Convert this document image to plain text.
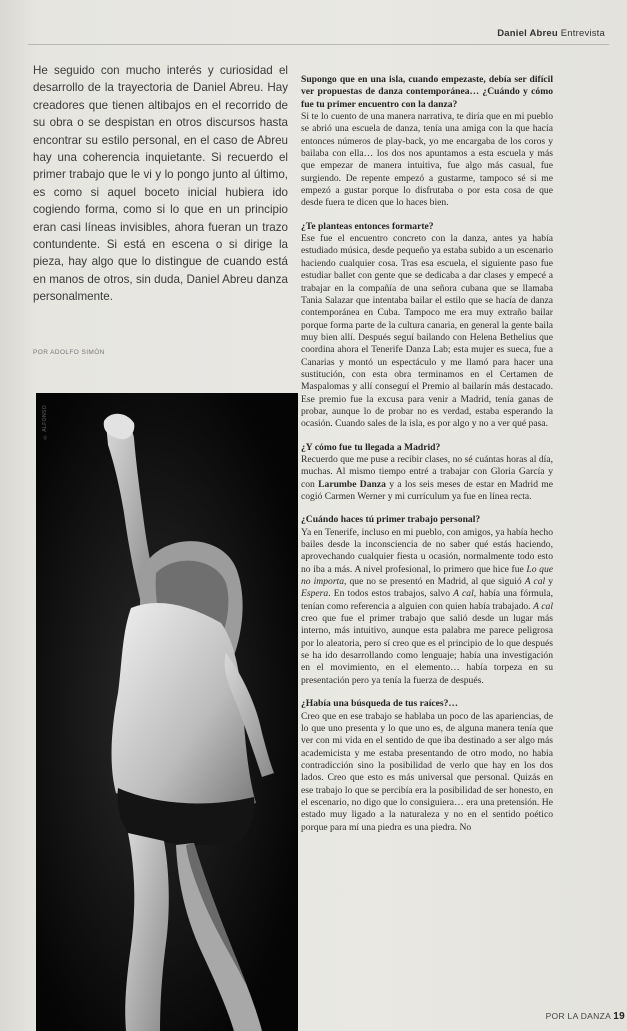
Daniel Abreu Entrevista
He seguido con mucho interés y curiosidad el desarrollo de la trayectoria de Daniel Abreu. Hay creadores que tienen altibajos en el recorrido de su obra o se despistan en otros discursos hasta encontrar su estilo personal, en el caso de Abreu hay una coherencia inquietante. Si recuerdo el primer trabajo que le vi y lo pongo junto al último, es como si aquel boceto inicial hubiera ido cogiendo forma, como si lo que en un principio eran casi líneas invisibles, ahora fueran un trazo contundente. Si está en escena o si dirige la pieza, hay algo que lo distingue de cuando está en manos de otros, sin duda, Daniel Abreu danza personalmente.
POR ADOLFO SIMÓN
© ALFONSO

Supongo que en una isla, cuando empezaste, debía ser difícil ver propuestas de danza contemporánea… ¿Cuándo y cómo fue tu primer encuentro con la danza?

Si te lo cuento de una manera narrativa, te diría que en mi pueblo se abrió una escuela de danza, tenía una amiga con la que hacía entonces números de play-back, yo me encargaba de los coros y bailaba con ella… los dos nos apuntamos a esta escuela y más que empezar de manera intuitiva, fue algo más casual, fue surgiendo. De repente empezó a gustarme, tampoco sé si me empezó a gustar porque lo disfrutaba o por esta cosa de que desde fuera te dicen que lo haces bien.

¿Te planteas entonces formarte?

Ese fue el encuentro concreto con la danza, antes ya había estudiado música, desde pequeño ya estaba subido a un escenario haciendo cualquier cosa. Tras esa escuela, el siguiente paso fue estudiar ballet con gente que se dedicaba a dar clases y empecé a trabajar en la compañía de una señora cubana que se llamaba Tania Salazar que intentaba bailar el estilo que se hacía de danza contemporánea en Cuba. Tampoco me era muy extraño bailar porque forma parte de la cultura canaria, en general la gente baila muy bien allí. Después seguí bailando con Helena Bethelius que coordina ahora el Tenerife Danza Lab; esta mujer es sueca, fue a Canarias y montó un espectáculo y me llamó para hacer una sustitución, con esta obra terminamos en el Certamen de Maspalomas y allí conseguí el Premio al bailarín más destacado. Ese premio fue la excusa para venir a Madrid, tenía ganas de probar, aunque lo de probar no es verdad, estaba esperando la ocasión. Cuando sales de la isla, es por algo y no a ver qué pasa.

¿Y cómo fue tu llegada a Madrid?

Recuerdo que me puse a recibir clases, no sé cuántas horas al día, muchas. Al mismo tiempo entré a trabajar con Gloria García y con Larumbe Danza y a los seis meses de estar en Madrid me cogió Carmen Werner y mi currículum ya fue en línea recta.

¿Cuándo haces tú primer trabajo personal?

Ya en Tenerife, incluso en mi pueblo, con amigos, ya había hecho bailes desde la inconsciencia de no saber qué estás haciendo, aprovechando cualquier fiesta u ocasión, normalmente todo esto no iba a más. A nivel profesional, lo primero que hice fue Lo que no importa, que no se presentó en Madrid, al que siguió A cal y Espera. En todos estos trabajos, salvo A cal, había una fórmula, tenían como referencia a alguien con quien había trabajado. A cal creo que fue el primer trabajo que salió desde un lugar más interno, más intuitivo, aunque esta palabra me parece peligrosa por lo aleatoria, pero sí creo que es el principio de lo que después se ha ido desarrollando como lenguaje; había una investigación en el movimiento, en el elemento… había torpeza en su presentación pero ya tenía la fuerza de después.

¿Había una búsqueda de tus raíces?…

Creo que en ese trabajo se hablaba un poco de las apariencias, de lo que uno presenta y lo que uno es, de alguna manera tenía que ver con mi vida en el sentido de que iba destinado a ser algo más academicista y me estaba presentando de otro modo, no había contradicción sino la posibilidad de verlo que hay en los dos lados. Creo que esto es más universal que personal. Quizás en ese trabajo lo que se percibía era la posibilidad de ser honesto, en el escenario, no digo que lo consiguiera… era una pretensión. He estado muy ligado a la naturaleza y no en el sentido poético porque para mí una piedra es una piedra. No

POR LA DANZA 19
